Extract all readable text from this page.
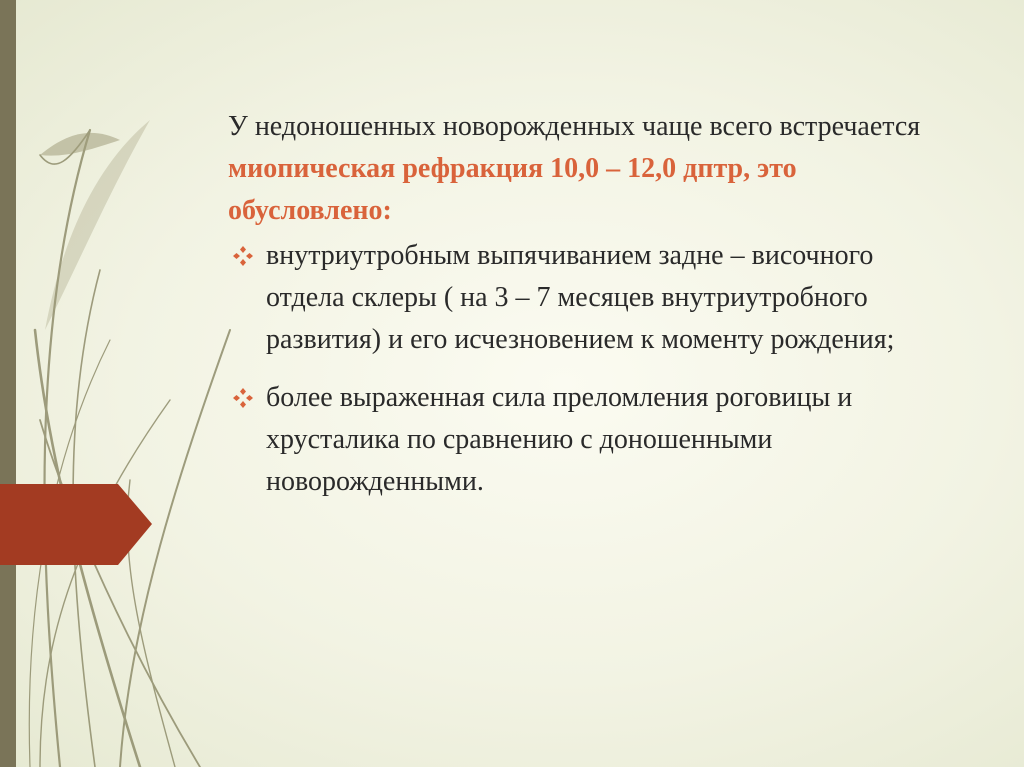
У недоношенных новорожденных чаще всего встречается миопическая рефракция 10,0 – 12,0 дптр, это обусловлено:

внутриутробным выпячиванием задне – височного отдела склеры ( на 3 – 7 месяцев внутриутробного развития) и его исчезновением к моменту рождения;
более выраженная сила преломления роговицы и хрусталика по сравнению с доношенными новорожденными.
